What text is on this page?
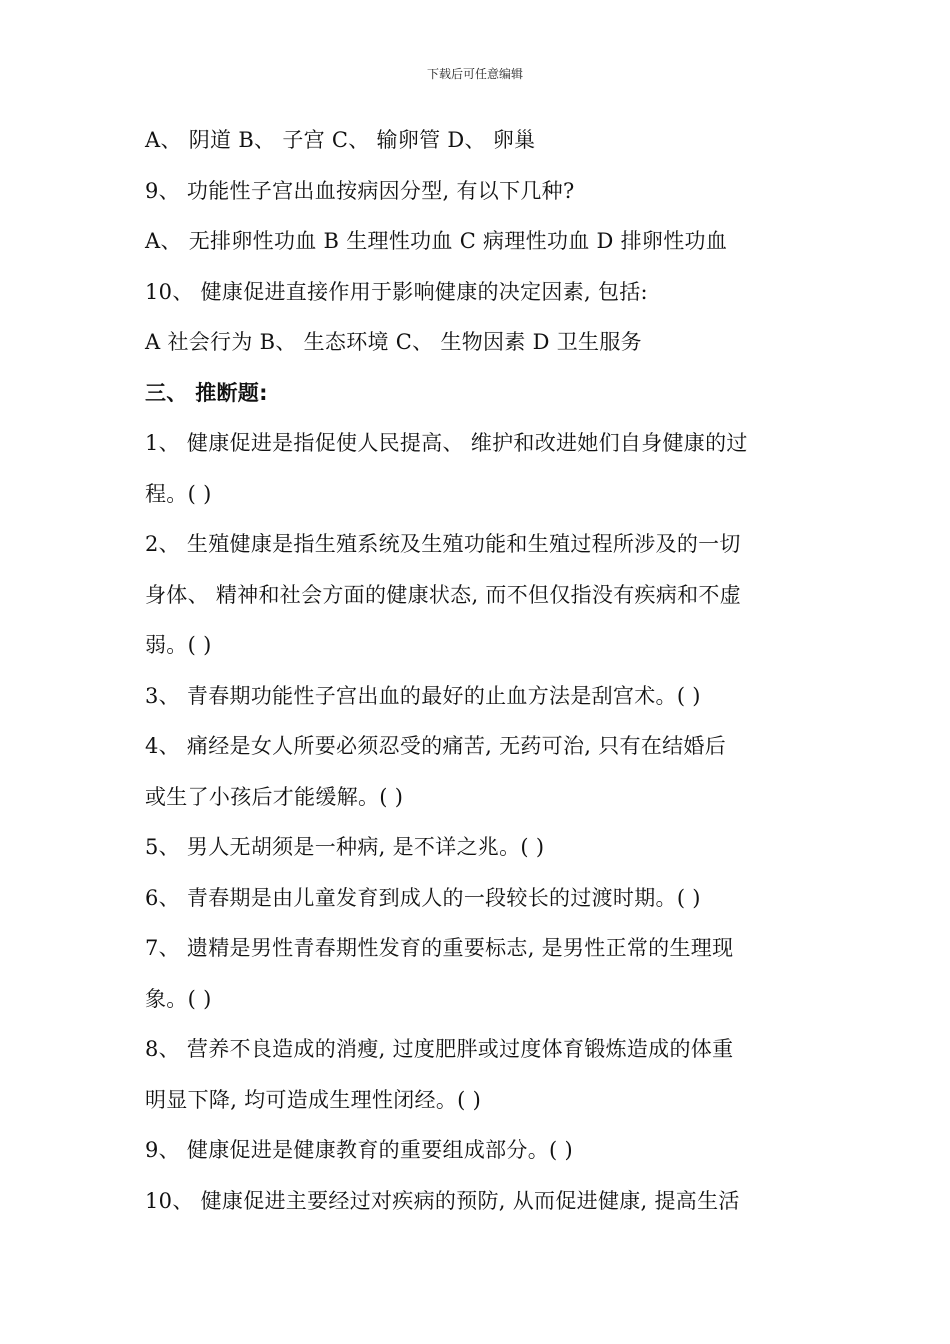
下载后可任意编辑
A、 阴道 B、 子宫 C、 输卵管 D、 卵巢
9、 功能性子宫出血按病因分型, 有以下几种?
A、 无排卵性功血 B 生理性功血 C 病理性功血 D 排卵性功血
10、 健康促进直接作用于影响健康的决定因素, 包括:
A 社会行为 B、 生态环境 C、 生物因素 D 卫生服务
三、 推断题:
1、 健康促进是指促使人民提高、 维护和改进她们自身健康的过
程。( )
2、 生殖健康是指生殖系统及生殖功能和生殖过程所涉及的一切
身体、 精神和社会方面的健康状态, 而不但仅指没有疾病和不虚
弱。( )
3、 青春期功能性子宫出血的最好的止血方法是刮宫术。( )
4、 痛经是女人所要必须忍受的痛苦, 无药可治, 只有在结婚后
或生了小孩后才能缓解。( )
5、 男人无胡须是一种病, 是不详之兆。( )
6、 青春期是由儿童发育到成人的一段较长的过渡时期。( )
7、 遗精是男性青春期性发育的重要标志, 是男性正常的生理现
象。( )
8、 营养不良造成的消瘦, 过度肥胖或过度体育锻炼造成的体重
明显下降, 均可造成生理性闭经。( )
9、 健康促进是健康教育的重要组成部分。( )
10、 健康促进主要经过对疾病的预防, 从而促进健康, 提高生活
